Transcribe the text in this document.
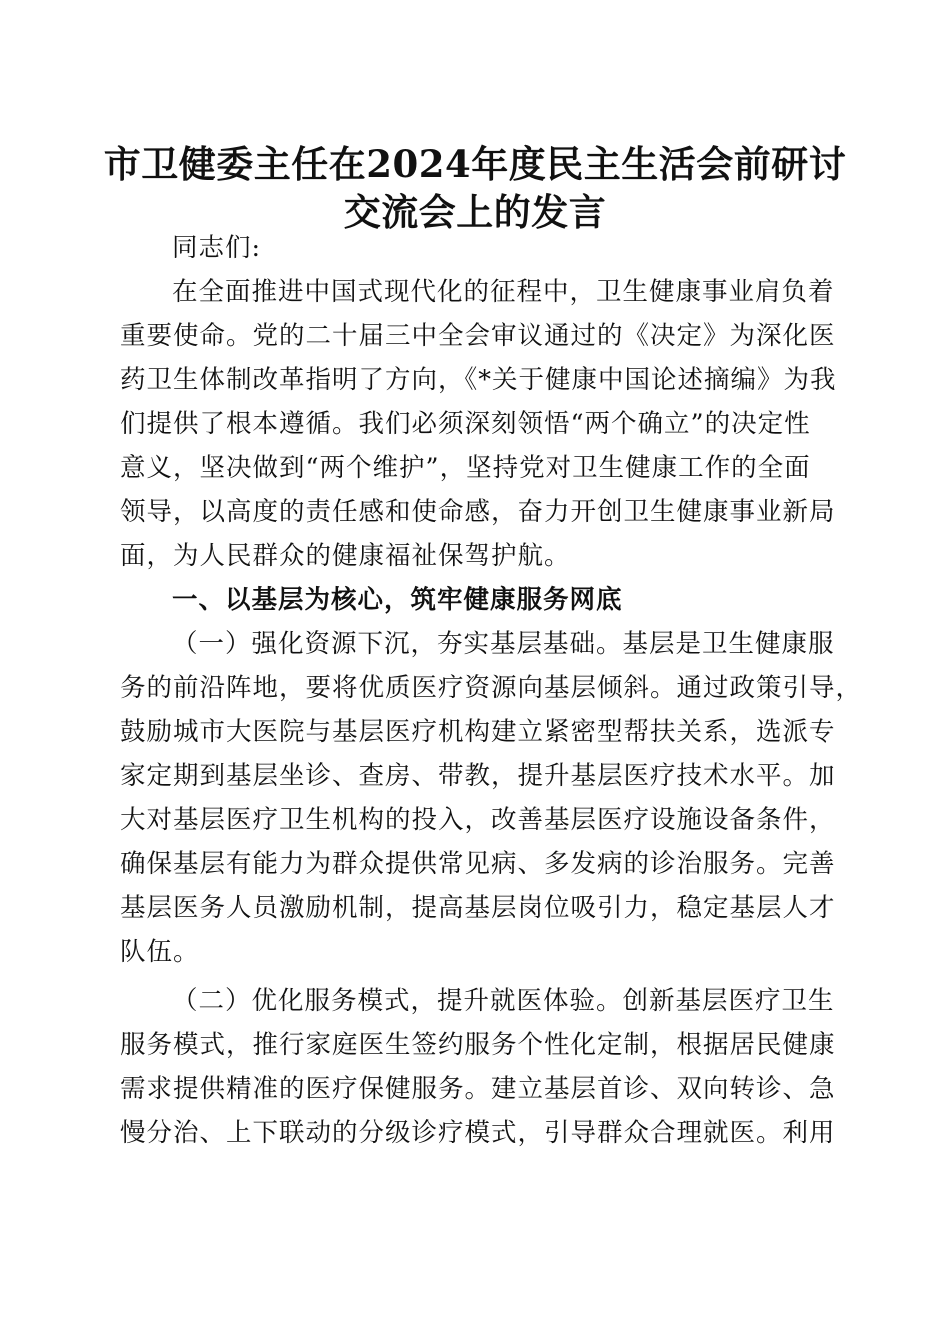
市卫健委主任在2024年度民主生活会前研讨
交流会上的发言
同志们:
在全面推进中国式现代化的征程中，卫生健康事业肩负着
重要使命。党的二十届三中全会审议通过的《决定》为深化医
药卫生体制改革指明了方向，《*关于健康中国论述摘编》为我
们提供了根本遵循。我们必须深刻领悟“两个确立”的决定性
意义，坚决做到“两个维护”，坚持党对卫生健康工作的全面
领导，以高度的责任感和使命感，奋力开创卫生健康事业新局
面，为人民群众的健康福祉保驾护航。
一、以基层为核心，筑牢健康服务网底
（一）强化资源下沉，夯实基层基础。基层是卫生健康服
务的前沿阵地，要将优质医疗资源向基层倾斜。通过政策引导，
鼓励城市大医院与基层医疗机构建立紧密型帮扶关系，选派专
家定期到基层坐诊、查房、带教，提升基层医疗技术水平。加
大对基层医疗卫生机构的投入，改善基层医疗设施设备条件，
确保基层有能力为群众提供常见病、多发病的诊治服务。完善
基层医务人员激励机制，提高基层岗位吸引力，稳定基层人才
队伍。
（二）优化服务模式，提升就医体验。创新基层医疗卫生
服务模式，推行家庭医生签约服务个性化定制，根据居民健康
需求提供精准的医疗保健服务。建立基层首诊、双向转诊、急
慢分治、上下联动的分级诊疗模式，引导群众合理就医。利用
